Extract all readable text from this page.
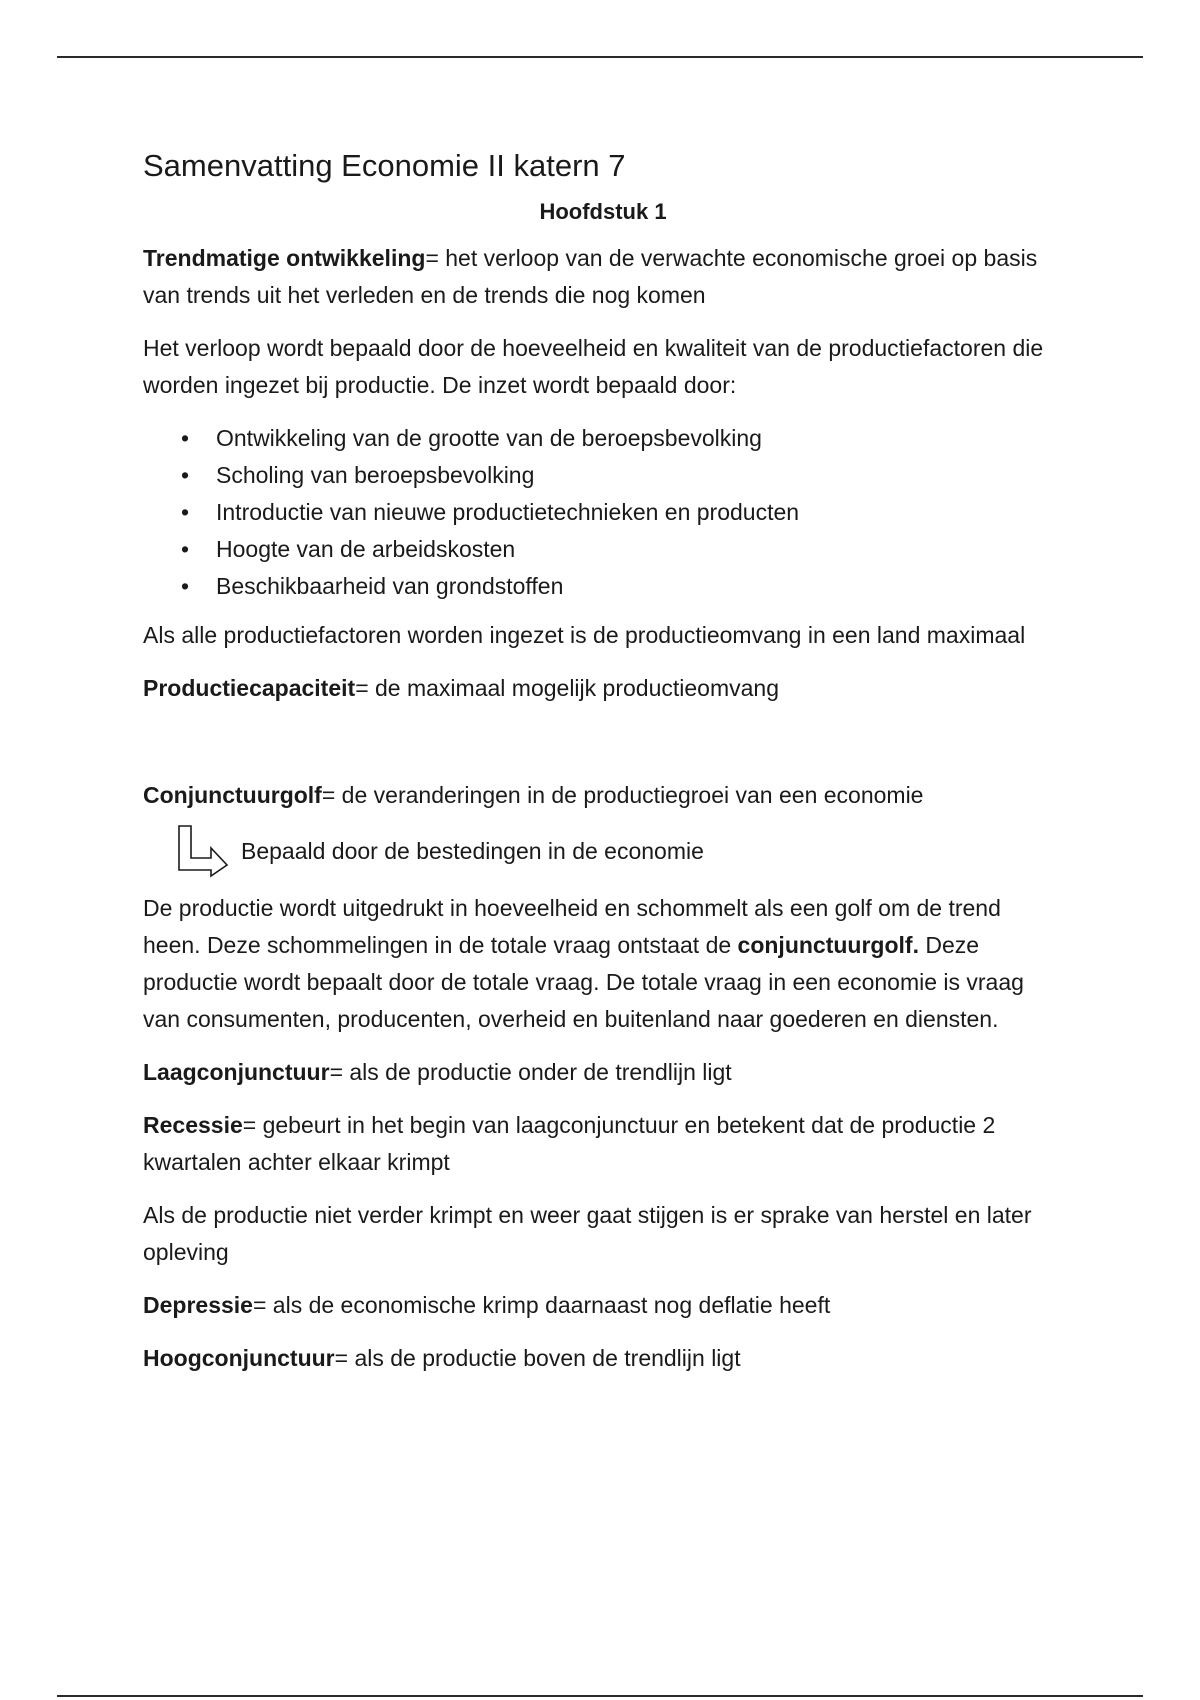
Samenvatting Economie II katern 7
Hoofdstuk 1

Trendmatige ontwikkeling= het verloop van de verwachte economische groei op basis van trends uit het verleden en de trends die nog komen

Het verloop wordt bepaald door de hoeveelheid en kwaliteit van de productiefactoren die worden ingezet bij productie. De inzet wordt bepaald door:

• Ontwikkeling van de grootte van de beroepsbevolking
• Scholing van beroepsbevolking
• Introductie van nieuwe productietechnieken en producten
• Hoogte van de arbeidskosten
• Beschikbaarheid van grondstoffen

Als alle productiefactoren worden ingezet is de productieomvang in een land maximaal

Productiecapaciteit= de maximaal mogelijk productieomvang

Conjunctuurgolf= de veranderingen in de productiegroei van een economie

Bepaald door de bestedingen in de economie

De productie wordt uitgedrukt in hoeveelheid en schommelt als een golf om de trend heen. Deze schommelingen in de totale vraag ontstaat de conjunctuurgolf. Deze productie wordt bepaalt door de totale vraag. De totale vraag in een economie is vraag van consumenten, producenten, overheid en buitenland naar goederen en diensten.

Laagconjunctuur= als de productie onder de trendlijn ligt

Recessie= gebeurt in het begin van laagconjunctuur en betekent dat de productie 2 kwartalen achter elkaar krimpt

Als de productie niet verder krimpt en weer gaat stijgen is er sprake van herstel en later opleving

Depressie= als de economische krimp daarnaast nog deflatie heeft

Hoogconjunctuur= als de productie boven de trendlijn ligt
